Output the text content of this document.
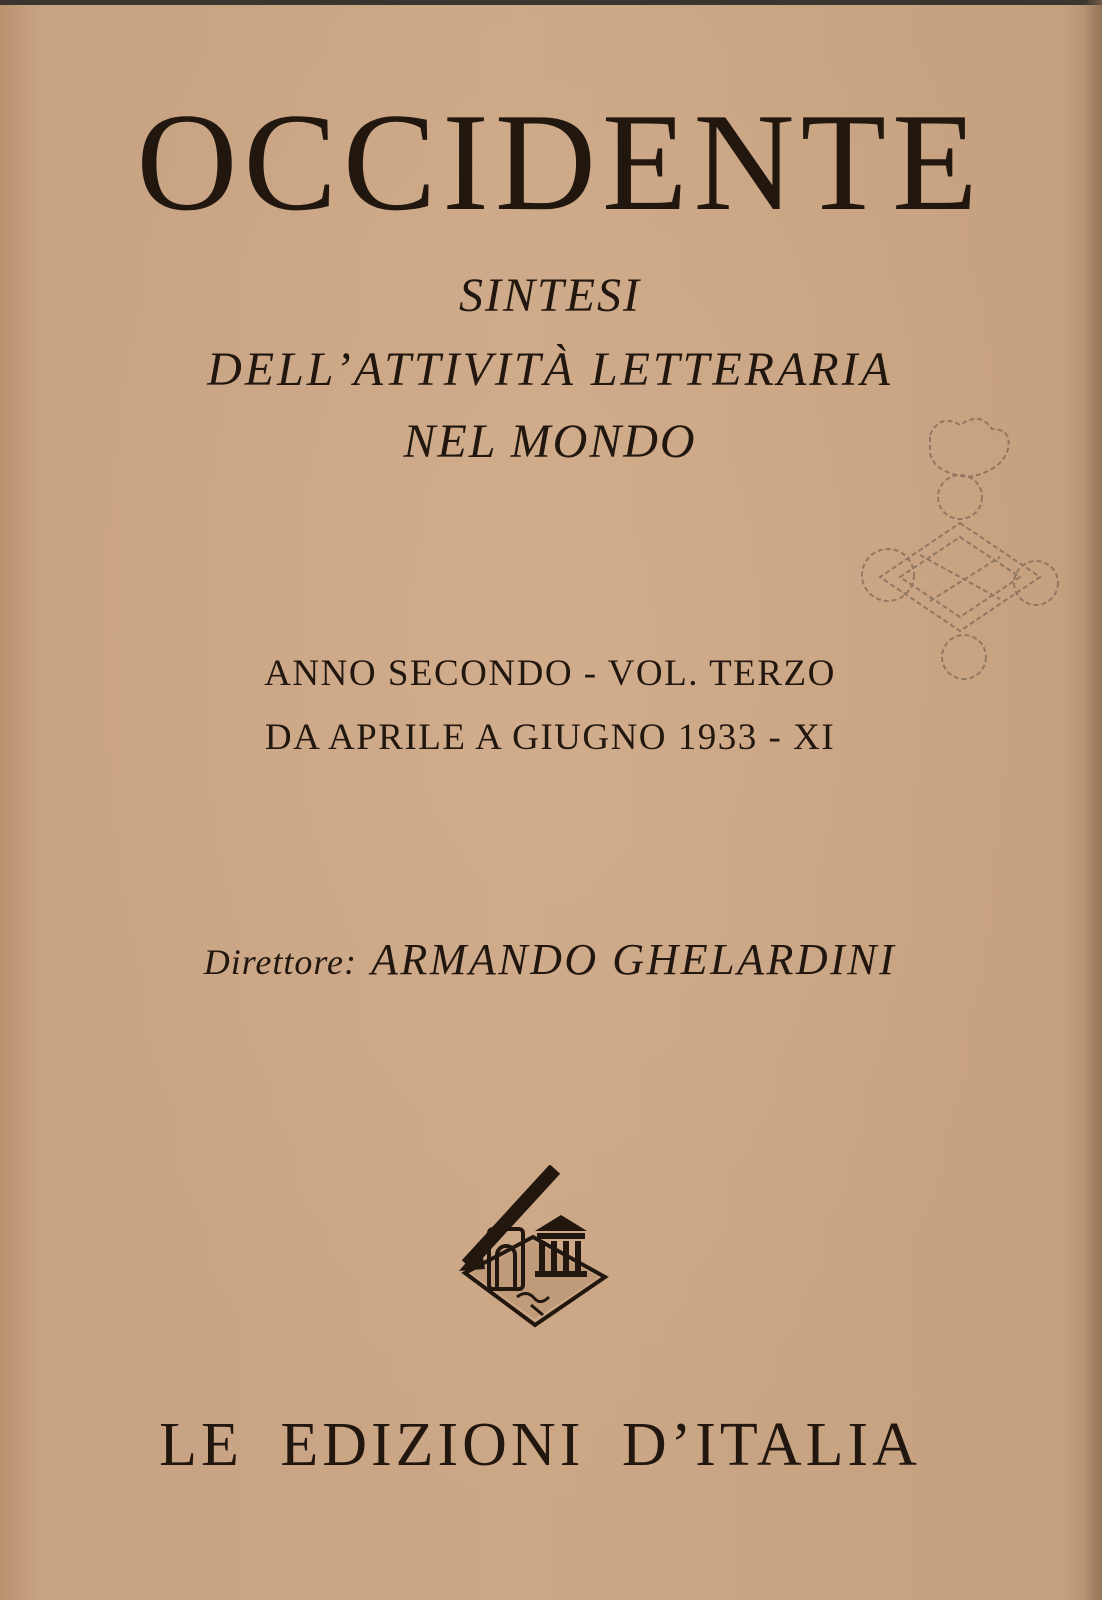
OCCIDENTE

SINTESI

DELL’ATTIVITÀ LETTERARIA

NEL MONDO

ANNO SECONDO - VOL. TERZO

DA APRILE A GIUGNO 1933 - XI

Direttore: ARMANDO GHELARDINI

LE EDIZIONI D’ITALIA
